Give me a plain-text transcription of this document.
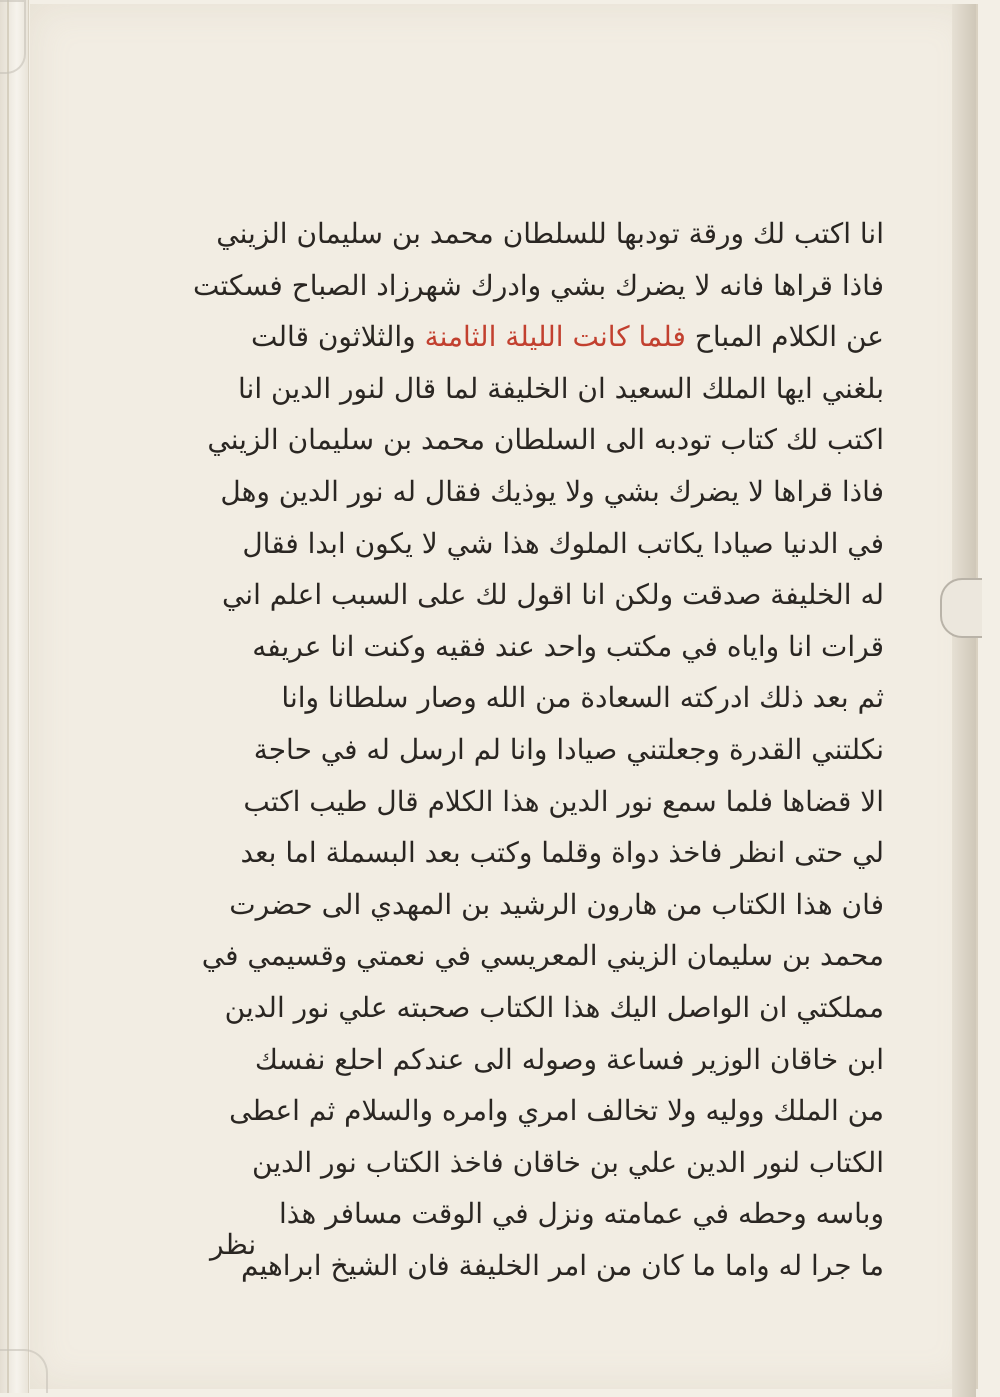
انا اكتب لك ورقة تودبها للسلطان محمد بن سليمان الزيني
فاذا قراها فانه لا يضرك بشي وادرك شهرزاد الصباح فسكتت
عن الكلام المباح فلما كانت الليلة الثامنة والثلاثون قالت
بلغني ايها الملك السعيد ان الخليفة لما قال لنور الدين انا
اكتب لك كتاب تودبه الى السلطان محمد بن سليمان الزيني
فاذا قراها لا يضرك بشي ولا يوذيك فقال له نور الدين وهل
في الدنيا صيادا يكاتب الملوك هذا شي لا يكون ابدا فقال
له الخليفة صدقت ولكن انا اقول لك على السبب اعلم اني
قرات انا واياه في مكتب واحد عند فقيه وكنت انا عريفه
ثم بعد ذلك ادركته السعادة من الله وصار سلطانا وانا
نكلتني القدرة وجعلتني صيادا وانا لم ارسل له في حاجة
الا قضاها فلما سمع نور الدين هذا الكلام قال طيب اكتب
لي حتى انظر فاخذ دواة وقلما وكتب بعد البسملة اما بعد
فان هذا الكتاب من هارون الرشيد بن المهدي الى حضرت
محمد بن سليمان الزيني المعريسي في نعمتي وقسيمي في
مملكتي ان الواصل اليك هذا الكتاب صحبته علي نور الدين
ابن خاقان الوزير فساعة وصوله الى عندكم احلع نفسك
من الملك ووليه ولا تخالف امري وامره والسلام ثم اعطى
الكتاب لنور الدين علي بن خاقان فاخذ الكتاب نور الدين
وباسه وحطه في عمامته ونزل في الوقت مسافر هذا
ما جرا له واما ما كان من امر الخليفة فان الشيخ ابراهيم
نظر
